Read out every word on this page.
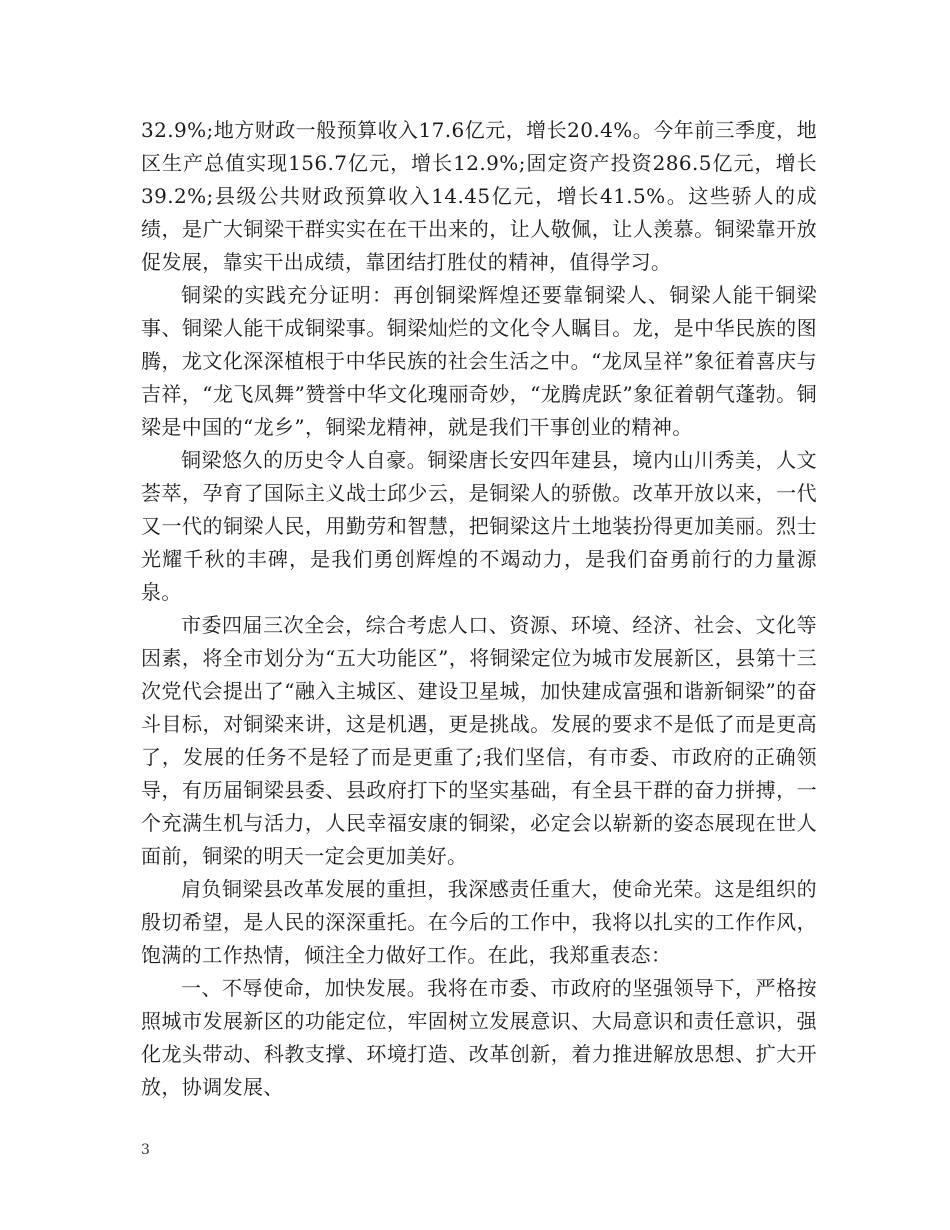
32.9%;地方财政一般预算收入17.6亿元，增长20.4%。今年前三季度，地区生产总值实现156.7亿元，增长12.9%;固定资产投资286.5亿元，增长39.2%;县级公共财政预算收入14.45亿元，增长41.5%。这些骄人的成绩，是广大铜梁干群实实在在干出来的，让人敬佩，让人羡慕。铜梁靠开放促发展，靠实干出成绩，靠团结打胜仗的精神，值得学习。

铜梁的实践充分证明：再创铜梁辉煌还要靠铜梁人、铜梁人能干铜梁事、铜梁人能干成铜梁事。铜梁灿烂的文化令人瞩目。龙，是中华民族的图腾，龙文化深深植根于中华民族的社会生活之中。“龙凤呈祥”象征着喜庆与吉祥，“龙飞凤舞”赞誉中华文化瑰丽奇妙，“龙腾虎跃”象征着朝气蓬勃。铜梁是中国的“龙乡”，铜梁龙精神，就是我们干事创业的精神。

铜梁悠久的历史令人自豪。铜梁唐长安四年建县，境内山川秀美，人文荟萃，孕育了国际主义战士邱少云，是铜梁人的骄傲。改革开放以来，一代又一代的铜梁人民，用勤劳和智慧，把铜梁这片土地装扮得更加美丽。烈士光耀千秋的丰碑，是我们勇创辉煌的不竭动力，是我们奋勇前行的力量源泉。

市委四届三次全会，综合考虑人口、资源、环境、经济、社会、文化等因素，将全市划分为“五大功能区”，将铜梁定位为城市发展新区，县第十三次党代会提出了“融入主城区、建设卫星城，加快建成富强和谐新铜梁”的奋斗目标，对铜梁来讲，这是机遇，更是挑战。发展的要求不是低了而是更高了，发展的任务不是轻了而是更重了;我们坚信，有市委、市政府的正确领导，有历届铜梁县委、县政府打下的坚实基础，有全县干群的奋力拼搏，一个充满生机与活力，人民幸福安康的铜梁，必定会以崭新的姿态展现在世人面前，铜梁的明天一定会更加美好。

肩负铜梁县改革发展的重担，我深感责任重大，使命光荣。这是组织的殷切希望，是人民的深深重托。在今后的工作中，我将以扎实的工作作风，饱满的工作热情，倾注全力做好工作。在此，我郑重表态：

一、不辱使命，加快发展。我将在市委、市政府的坚强领导下，严格按照城市发展新区的功能定位，牢固树立发展意识、大局意识和责任意识，强化龙头带动、科教支撑、环境打造、改革创新，着力推进解放思想、扩大开放，协调发展、

3
